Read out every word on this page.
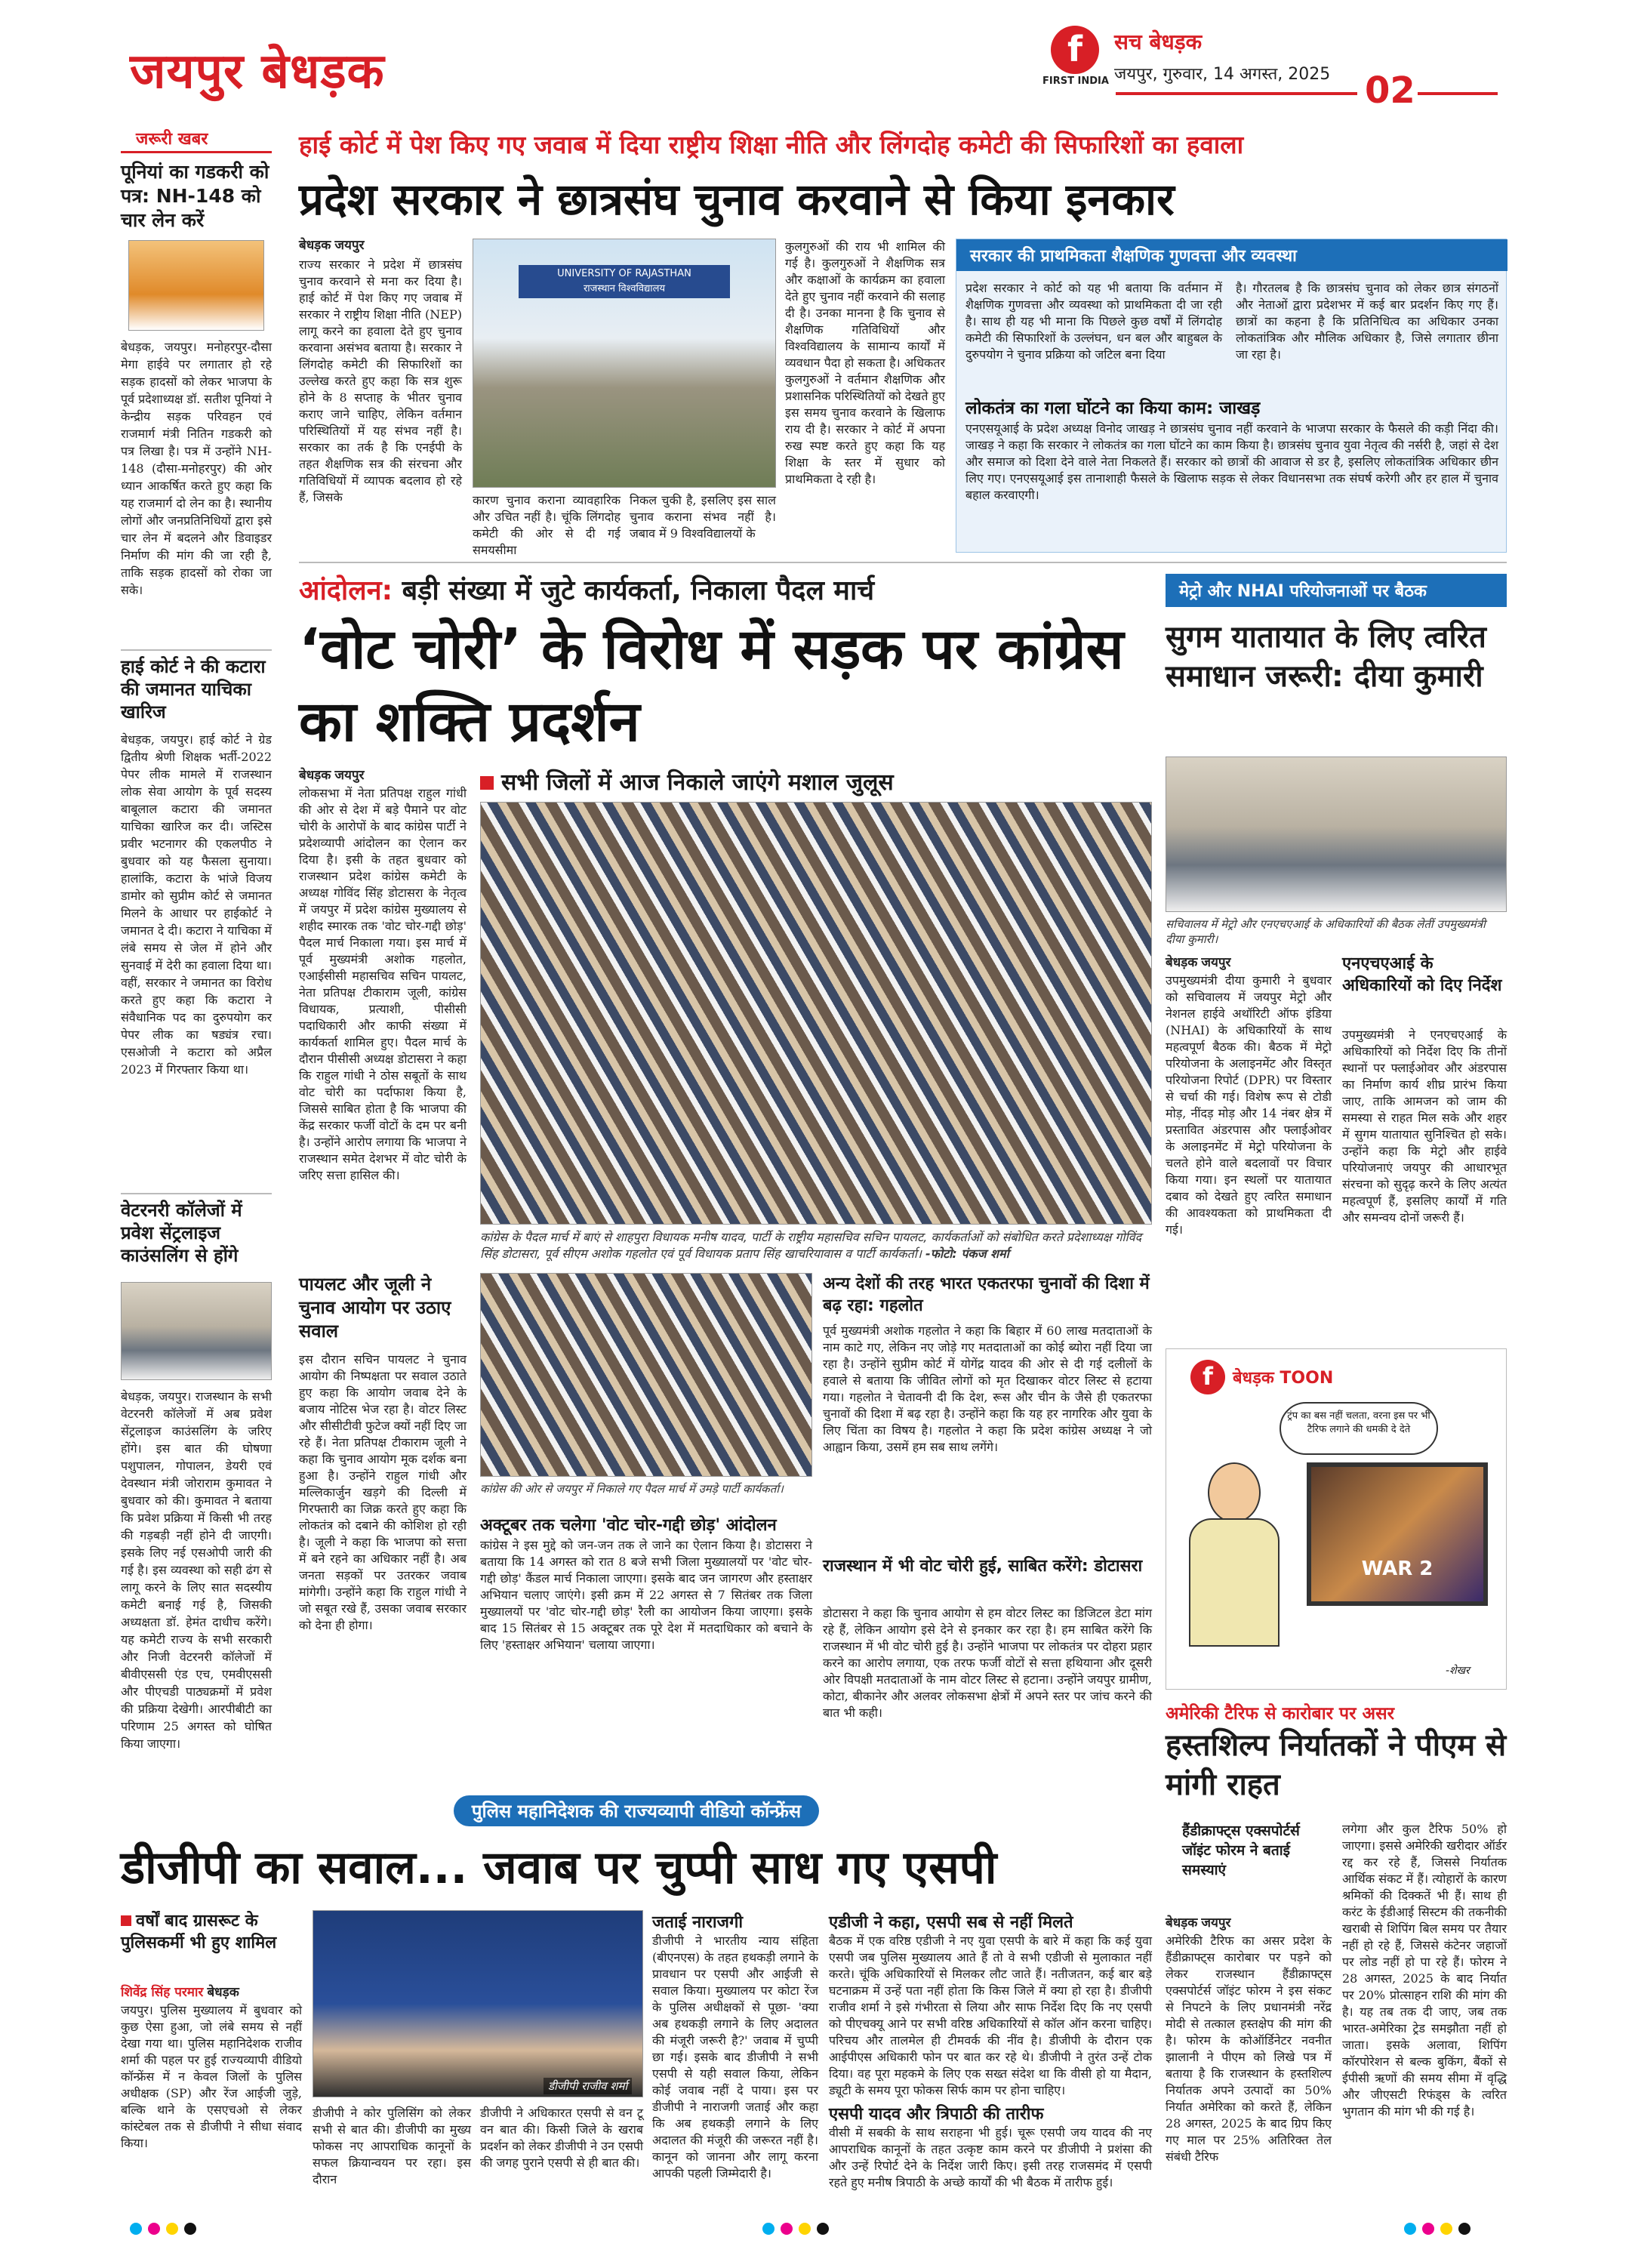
जयपुर बेधड़क	f
FIRST INDIA
सच बेधड़क
जयपुर, गुरुवार, 14 अगस्त, 2025 02
जरूरी खबर
पूनियां का गडकरी को पत्र: NH-148 को चार लेन करें
बेधड़क, जयपुर। मनोहरपुर-दौसा मेगा हाईवे पर लगातार हो रहे सड़क हादसों को लेकर भाजपा के पूर्व प्रदेशाध्यक्ष डॉ. सतीश पूनियां ने केन्द्रीय सड़क परिवहन एवं राजमार्ग मंत्री नितिन गडकरी को पत्र लिखा है। पत्र में उन्होंने NH-148 (दौसा-मनोहरपुर) की ओर ध्यान आकर्षित करते हुए कहा कि यह राजमार्ग दो लेन का है। स्थानीय लोगों और जनप्रतिनिधियों द्वारा इसे चार लेन में बदलने और डिवाइडर निर्माण की मांग की जा रही है, ताकि सड़क हादसों को रोका जा सके।
हाई कोर्ट ने की कटारा की जमानत याचिका खारिज
बेधड़क, जयपुर। हाई कोर्ट ने ग्रेड द्वितीय श्रेणी शिक्षक भर्ती-2022 पेपर लीक मामले में राजस्थान लोक सेवा आयोग के पूर्व सदस्य बाबूलाल कटारा की जमानत याचिका खारिज कर दी। जस्टिस प्रवीर भटनागर की एकलपीठ ने बुधवार को यह फैसला सुनाया। हालांकि, कटारा के भांजे विजय डामोर को सुप्रीम कोर्ट से जमानत मिलने के आधार पर हाईकोर्ट ने जमानत दे दी। कटारा ने याचिका में लंबे समय से जेल में होने और सुनवाई में देरी का हवाला दिया था। वहीं, सरकार ने जमानत का विरोध करते हुए कहा कि कटारा ने संवैधानिक पद का दुरुपयोग कर पेपर लीक का षड्यंत्र रचा। एसओजी ने कटारा को अप्रैल 2023 में गिरफ्तार किया था।
वेटरनरी कॉलेजों में प्रवेश सेंट्रलाइज काउंसलिंग से होंगे
बेधड़क, जयपुर। राजस्थान के सभी वेटरनरी कॉलेजों में अब प्रवेश सेंट्रलाइज काउंसलिंग के जरिए होंगे। इस बात की घोषणा पशुपालन, गोपालन, डेयरी एवं देवस्थान मंत्री जोराराम कुमावत ने बुधवार को की। कुमावत ने बताया कि प्रवेश प्रक्रिया में किसी भी तरह की गड़बड़ी नहीं होने दी जाएगी। इसके लिए नई एसओपी जारी की गई है। इस व्यवस्था को सही ढंग से लागू करने के लिए सात सदस्यीय कमेटी बनाई गई है, जिसकी अध्यक्षता डॉ. हेमंत दाधीच करेंगे। यह कमेटी राज्य के सभी सरकारी और निजी वेटरनरी कॉलेजों में बीवीएससी एंड एच, एमवीएससी और पीएचडी पाठ्यक्रमों में प्रवेश की प्रक्रिया देखेगी। आरपीबीटी का परिणाम 25 अगस्त को घोषित किया जाएगा।
हाई कोर्ट में पेश किए गए जवाब में दिया राष्ट्रीय शिक्षा नीति और लिंगदोह कमेटी की सिफारिशों का हवाला
प्रदेश सरकार ने छात्रसंघ चुनाव करवाने से किया इनकार
बेधड़क जयपुर
राज्य सरकार ने प्रदेश में छात्रसंघ चुनाव करवाने से मना कर दिया है। हाई कोर्ट में पेश किए गए जवाब में सरकार ने राष्ट्रीय शिक्षा नीति (NEP) लागू करने का हवाला देते हुए चुनाव करवाना असंभव बताया है। सरकार ने लिंगदोह कमेटी की सिफारिशों का उल्लेख करते हुए कहा कि सत्र शुरू होने के 8 सप्ताह के भीतर चुनाव कराए जाने चाहिए, लेकिन वर्तमान परिस्थितियों में यह संभव नहीं है। सरकार का तर्क है कि एनईपी के तहत शैक्षणिक सत्र की संरचना और गतिविधियों में व्यापक बदलाव हो रहे हैं, जिसके
UNIVERSITY OF RAJASTHAN
राजस्थान विश्वविद्यालय
कारण चुनाव कराना व्यावहारिक और उचित नहीं है। चूंकि लिंगदोह कमेटी की ओर से दी गई समयसीमा
निकल चुकी है, इसलिए इस साल चुनाव कराना संभव नहीं है। जबाव में 9 विश्वविद्यालयों के
कुलगुरुओं की राय भी शामिल की गई है। कुलगुरुओं ने शैक्षणिक सत्र और कक्षाओं के कार्यक्रम का हवाला देते हुए चुनाव नहीं करवाने की सलाह दी है। उनका मानना है कि चुनाव से शैक्षणिक गतिविधियों और विश्वविद्यालय के सामान्य कार्यों में व्यवधान पैदा हो सकता है। अधिकतर कुलगुरुओं ने वर्तमान शैक्षणिक और प्रशासनिक परिस्थितियों को देखते हुए इस समय चुनाव करवाने के खिलाफ राय दी है। सरकार ने कोर्ट में अपना रुख स्पष्ट करते हुए कहा कि यह शिक्षा के स्तर में सुधार को प्राथमिकता दे रही है।
सरकार की प्राथमिकता शैक्षणिक गुणवत्ता और व्यवस्था
प्रदेश सरकार ने कोर्ट को यह भी बताया कि वर्तमान में शैक्षणिक गुणवत्ता और व्यवस्था को प्राथमिकता दी जा रही है। साथ ही यह भी माना कि पिछले कुछ वर्षों में लिंगदोह कमेटी की सिफारिशों के उल्लंघन, धन बल और बाहुबल के दुरुपयोग ने चुनाव प्रक्रिया को जटिल बना दिया
है। गौरतलब है कि छात्रसंघ चुनाव को लेकर छात्र संगठनों और नेताओं द्वारा प्रदेशभर में कई बार प्रदर्शन किए गए हैं। छात्रों का कहना है कि प्रतिनिधित्व का अधिकार उनका लोकतांत्रिक और मौलिक अधिकार है, जिसे लगातार छीना जा रहा है।
लोकतंत्र का गला घोंटने का किया काम: जाखड़
एनएसयूआई के प्रदेश अध्यक्ष विनोद जाखड़ ने छात्रसंघ चुनाव नहीं करवाने के भाजपा सरकार के फैसले की कड़ी निंदा की। जाखड़ ने कहा कि सरकार ने लोकतंत्र का गला घोंटने का काम किया है। छात्रसंघ चुनाव युवा नेतृत्व की नर्सरी है, जहां से देश और समाज को दिशा देने वाले नेता निकलते हैं। सरकार को छात्रों की आवाज से डर है, इसलिए लोकतांत्रिक अधिकार छीन लिए गए। एनएसयूआई इस तानाशाही फैसले के खिलाफ सड़क से लेकर विधानसभा तक संघर्ष करेगी और हर हाल में चुनाव बहाल करवाएगी।
आंदोलन: बड़ी संख्या में जुटे कार्यकर्ता, निकाला पैदल मार्च
‘वोट चोरी’ के विरोध में सड़क पर कांग्रेस का शक्ति प्रदर्शन
बेधड़क जयपुर
लोकसभा में नेता प्रतिपक्ष राहुल गांधी की ओर से देश में बड़े पैमाने पर वोट चोरी के आरोपों के बाद कांग्रेस पार्टी ने प्रदेशव्यापी आंदोलन का ऐलान कर दिया है। इसी के तहत बुधवार को राजस्थान प्रदेश कांग्रेस कमेटी के अध्यक्ष गोविंद सिंह डोटासरा के नेतृत्व में जयपुर में प्रदेश कांग्रेस मुख्यालय से शहीद स्मारक तक 'वोट चोर-गद्दी छोड़' पैदल मार्च निकाला गया। इस मार्च में पूर्व मुख्यमंत्री अशोक गहलोत, एआईसीसी महासचिव सचिन पायलट, नेता प्रतिपक्ष टीकाराम जूली, कांग्रेस विधायक, प्रत्याशी, पीसीसी पदाधिकारी और काफी संख्या में कार्यकर्ता शामिल हुए। पैदल मार्च के दौरान पीसीसी अध्यक्ष डोटासरा ने कहा कि राहुल गांधी ने ठोस सबूतों के साथ वोट चोरी का पर्दाफाश किया है, जिससे साबित होता है कि भाजपा की केंद्र सरकार फर्जी वोटों के दम पर बनी है। उन्होंने आरोप लगाया कि भाजपा ने राजस्थान समेत देशभर में वोट चोरी के जरिए सत्ता हासिल की।
सभी जिलों में आज निकाले जाएंगे मशाल जुलूस
कांग्रेस के पैदल मार्च में बाएं से शाहपुरा विधायक मनीष यादव, पार्टी के राष्ट्रीय महासचिव सचिन पायलट, कार्यकर्ताओं को संबोधित करते प्रदेशाध्यक्ष गोविंद सिंह डोटासरा, पूर्व सीएम अशोक गहलोत एवं पूर्व विधायक प्रताप सिंह खाचरियावास व पार्टी कार्यकर्ता। -फोटो: पंकज शर्मा
पायलट और जूली ने चुनाव आयोग पर उठाए सवाल
इस दौरान सचिन पायलट ने चुनाव आयोग की निष्पक्षता पर सवाल उठाते हुए कहा कि आयोग जवाब देने के बजाय नोटिस भेज रहा है। वोटर लिस्ट और सीसीटीवी फुटेज क्यों नहीं दिए जा रहे हैं। नेता प्रतिपक्ष टीकाराम जूली ने कहा कि चुनाव आयोग मूक दर्शक बना हुआ है। उन्होंने राहुल गांधी और मल्लिकार्जुन खड़गे की दिल्ली में गिरफ्तारी का जिक्र करते हुए कहा कि लोकतंत्र को दबाने की कोशिश हो रही है। जूली ने कहा कि भाजपा को सत्ता में बने रहने का अधिकार नहीं है। अब जनता सड़कों पर उतरकर जवाब मांगेगी। उन्होंने कहा कि राहुल गांधी ने जो सबूत रखे हैं, उसका जवाब सरकार को देना ही होगा।
कांग्रेस की ओर से जयपुर में निकाले गए पैदल मार्च में उमड़े पार्टी कार्यकर्ता।
अक्टूबर तक चलेगा 'वोट चोर-गद्दी छोड़' आंदोलन
कांग्रेस ने इस मुद्दे को जन-जन तक ले जाने का ऐलान किया है। डोटासरा ने बताया कि 14 अगस्त को रात 8 बजे सभी जिला मुख्यालयों पर 'वोट चोर-गद्दी छोड़' कैंडल मार्च निकाला जाएगा। इसके बाद जन जागरण और हस्ताक्षर अभियान चलाए जाएंगे। इसी क्रम में 22 अगस्त से 7 सितंबर तक जिला मुख्यालयों पर 'वोट चोर-गद्दी छोड़' रैली का आयोजन किया जाएगा। इसके बाद 15 सितंबर से 15 अक्टूबर तक पूरे देश में मतदाधिकार को बचाने के लिए 'हस्ताक्षर अभियान' चलाया जाएगा।
अन्य देशों की तरह भारत एकतरफा चुनावों की दिशा में बढ़ रहा: गहलोत
पूर्व मुख्यमंत्री अशोक गहलोत ने कहा कि बिहार में 60 लाख मतदाताओं के नाम काटे गए, लेकिन नए जोड़े गए मतदाताओं का कोई ब्योरा नहीं दिया जा रहा है। उन्होंने सुप्रीम कोर्ट में योगेंद्र यादव की ओर से दी गई दलीलों के हवाले से बताया कि जीवित लोगों को मृत दिखाकर वोटर लिस्ट से हटाया गया। गहलोत ने चेतावनी दी कि देश, रूस और चीन के जैसे ही एकतरफा चुनावों की दिशा में बढ़ रहा है। उन्होंने कहा कि यह हर नागरिक और युवा के लिए चिंता का विषय है। गहलोत ने कहा कि प्रदेश कांग्रेस अध्यक्ष ने जो आह्वान किया, उसमें हम सब साथ लगेंगे।
राजस्थान में भी वोट चोरी हुई, साबित करेंगे: डोटासरा
डोटासरा ने कहा कि चुनाव आयोग से हम वोटर लिस्ट का डिजिटल डेटा मांग रहे हैं, लेकिन आयोग इसे देने से इनकार कर रहा है। हम साबित करेंगे कि राजस्थान में भी वोट चोरी हुई है। उन्होंने भाजपा पर लोकतंत्र पर दोहरा प्रहार करने का आरोप लगाया, एक तरफ फर्जी वोटों से सत्ता हथियाना और दूसरी ओर विपक्षी मतदाताओं के नाम वोटर लिस्ट से हटाना। उन्होंने जयपुर ग्रामीण, कोटा, बीकानेर और अलवर लोकसभा क्षेत्रों में अपने स्तर पर जांच करने की बात भी कही।
मेट्रो और NHAI परियोजनाओं पर बैठक
सुगम यातायात के लिए त्वरित समाधान जरूरी: दीया कुमारी
सचिवालय में मेट्रो और एनएचएआई के अधिकारियों की बैठक लेतीं उपमुख्यमंत्री दीया कुमारी।
बेधड़क जयपुर
उपमुख्यमंत्री दीया कुमारी ने बुधवार को सचिवालय में जयपुर मेट्रो और नेशनल हाईवे अथॉरिटी ऑफ इंडिया (NHAI) के अधिकारियों के साथ महत्वपूर्ण बैठक की। बैठक में मेट्रो परियोजना के अलाइनमेंट और विस्तृत परियोजना रिपोर्ट (DPR) पर विस्तार से चर्चा की गई। विशेष रूप से टोडी मोड़, नींदड़ मोड़ और 14 नंबर क्षेत्र में प्रस्तावित अंडरपास और फ्लाईओवर के अलाइनमेंट में मेट्रो परियोजना के चलते होने वाले बदलावों पर विचार किया गया। इन स्थलों पर यातायात दबाव को देखते हुए त्वरित समाधान की आवश्यकता को प्राथमिकता दी गई।
एनएचएआई के अधिकारियों को दिए निर्देश
उपमुख्यमंत्री ने एनएचएआई के अधिकारियों को निर्देश दिए कि तीनों स्थानों पर फ्लाईओवर और अंडरपास का निर्माण कार्य शीघ्र प्रारंभ किया जाए, ताकि आमजन को जाम की समस्या से राहत मिल सके और शहर में सुगम यातायात सुनिश्चित हो सके। उन्होंने कहा कि मेट्रो और हाईवे परियोजनाएं जयपुर की आधारभूत संरचना को सुदृढ़ करने के लिए अत्यंत महत्वपूर्ण हैं, इसलिए कार्यों में गति और समन्वय दोनों जरूरी हैं।
f	बेधड़क TOON
ट्रंप का बस नहीं चलता, वरना इस पर भी टैरिफ लगाने की धमकी दे देते
WAR 2
-शेखर
अमेरिकी टैरिफ से कारोबार पर असर
हस्तशिल्प निर्यातकों ने पीएम से मांगी राहत
हैंडीक्राफ्ट्स एक्सपोर्टर्स जॉइंट फोरम ने बताई समस्याएं
बेधड़क जयपुर
अमेरिकी टैरिफ का असर प्रदेश के हैंडीक्राफ्ट्स कारोबार पर पड़ने को लेकर राजस्थान हैंडीक्राफ्ट्स एक्सपोर्टर्स जॉइंट फोरम ने इस संकट से निपटने के लिए प्रधानमंत्री नरेंद्र मोदी से तत्काल हस्तक्षेप की मांग की है। फोरम के कोऑर्डिनेटर नवनीत झालानी ने पीएम को लिखे पत्र में बताया है कि राजस्थान के हस्तशिल्प निर्यातक अपने उत्पादों का 50% निर्यात अमेरिका को करते हैं, लेकिन 28 अगस्त, 2025 के बाद ग्रिप किए गए माल पर 25% अतिरिक्त तेल संबंधी टैरिफ
लगेगा और कुल टैरिफ 50% हो जाएगा। इससे अमेरिकी खरीदार ऑर्डर रद्द कर रहे हैं, जिससे निर्यातक आर्थिक संकट में हैं। त्योहारों के कारण श्रमिकों की दिक्कतें भी हैं। साथ ही करंट के ईडीआई सिस्टम की तकनीकी खराबी से शिपिंग बिल समय पर तैयार नहीं हो रहे हैं, जिससे कंटेनर जहाजों पर लोड नहीं हो पा रहे हैं। फोरम ने 28 अगस्त, 2025 के बाद निर्यात पर 20% प्रोत्साहन राशि की मांग की है। यह तब तक दी जाए, जब तक भारत-अमेरिका ट्रेड समझौता नहीं हो जाता। इसके अलावा, शिपिंग कॉरपोरेशन से बल्क बुकिंग, बैंकों से ईपीसी ऋणों की समय सीमा में वृद्धि और जीएसटी रिफंड्स के त्वरित भुगतान की मांग भी की गई है।
पुलिस महानिदेशक की राज्यव्यापी वीडियो कॉन्फ्रेंस
डीजीपी का सवाल... जवाब पर चुप्पी साध गए एसपी
वर्षों बाद ग्रासरूट के पुलिसकर्मी भी हुए शामिल
शिवेंद्र सिंह परमार बेधड़क
जयपुर। पुलिस मुख्यालय में बुधवार को कुछ ऐसा हुआ, जो लंबे समय से नहीं देखा गया था। पुलिस महानिदेशक राजीव शर्मा की पहल पर हुई राज्यव्यापी वीडियो कॉन्फ्रेंस में न केवल जिलों के पुलिस अधीक्षक (SP) और रेंज आईजी जुड़े, बल्कि थाने के एसएचओ से लेकर कांस्टेबल तक से डीजीपी ने सीधा संवाद किया।
डीजीपी राजीव शर्मा
डीजीपी ने कोर पुलिसिंग को लेकर सभी से बात की। डीजीपी का मुख्य फोकस नए आपराधिक कानूनों के सफल क्रियान्वयन पर रहा। इस दौरान
डीजीपी ने अधिकारत एसपी से वन टू वन बात की। किसी जिले के खराब प्रदर्शन को लेकर डीजीपी ने उन एसपी की जगह पुराने एसपी से ही बात की।
जताई नाराजगी
डीजीपी ने भारतीय न्याय संहिता (बीएनएस) के तहत हथकड़ी लगाने के प्रावधान पर एसपी और आईजी से सवाल किया। मुख्यालय पर कोटा रेंज के पुलिस अधीक्षकों से पूछा- 'क्या अब हथकड़ी लगाने के लिए अदालत की मंजूरी जरूरी है?' जवाब में चुप्पी छा गई। इसके बाद डीजीपी ने सभी एसपी से यही सवाल किया, लेकिन कोई जवाब नहीं दे पाया। इस पर डीजीपी ने नाराजगी जताई और कहा कि अब हथकड़ी लगाने के लिए अदालत की मंजूरी की जरूरत नहीं है। कानून को जानना और लागू करना आपकी पहली जिम्मेदारी है।
एडीजी ने कहा, एसपी सब से नहीं मिलते
बैठक में एक वरिष्ठ एडीजी ने नए युवा एसपी के बारे में कहा कि कई युवा एसपी जब पुलिस मुख्यालय आते हैं तो वे सभी एडीजी से मुलाकात नहीं करते। चूंकि अधिकारियों से मिलकर लौट जाते हैं। नतीजतन, कई बार बड़े घटनाक्रम में उन्हें पता नहीं होता कि किस जिले में क्या हो रहा है। डीजीपी राजीव शर्मा ने इसे गंभीरता से लिया और साफ निर्देश दिए कि नए एसपी को पीएचक्यू आने पर सभी वरिष्ठ अधिकारियों से कॉल ऑन करना चाहिए। परिचय और तालमेल ही टीमवर्क की नींव है। डीजीपी के दौरान एक आईपीएस अधिकारी फोन पर बात कर रहे थे। डीजीपी ने तुरंत उन्हें टोक दिया। वह पूरा महकमे के लिए एक सख्त संदेश था कि वीसी हो या मैदान, ड्यूटी के समय पूरा फोकस सिर्फ काम पर होना चाहिए।
एसपी यादव और त्रिपाठी की तारीफ
वीसी में सबकी के साथ सराहना भी हुई। चूरू एसपी जय यादव की नए आपराधिक कानूनों के तहत उत्कृष्ट काम करने पर डीजीपी ने प्रशंसा की और उन्हें रिपोर्ट देने के निर्देश जारी किए। इसी तरह राजसमंद में एसपी रहते हुए मनीष त्रिपाठी के अच्छे कार्यों की भी बैठक में तारीफ हुई।
